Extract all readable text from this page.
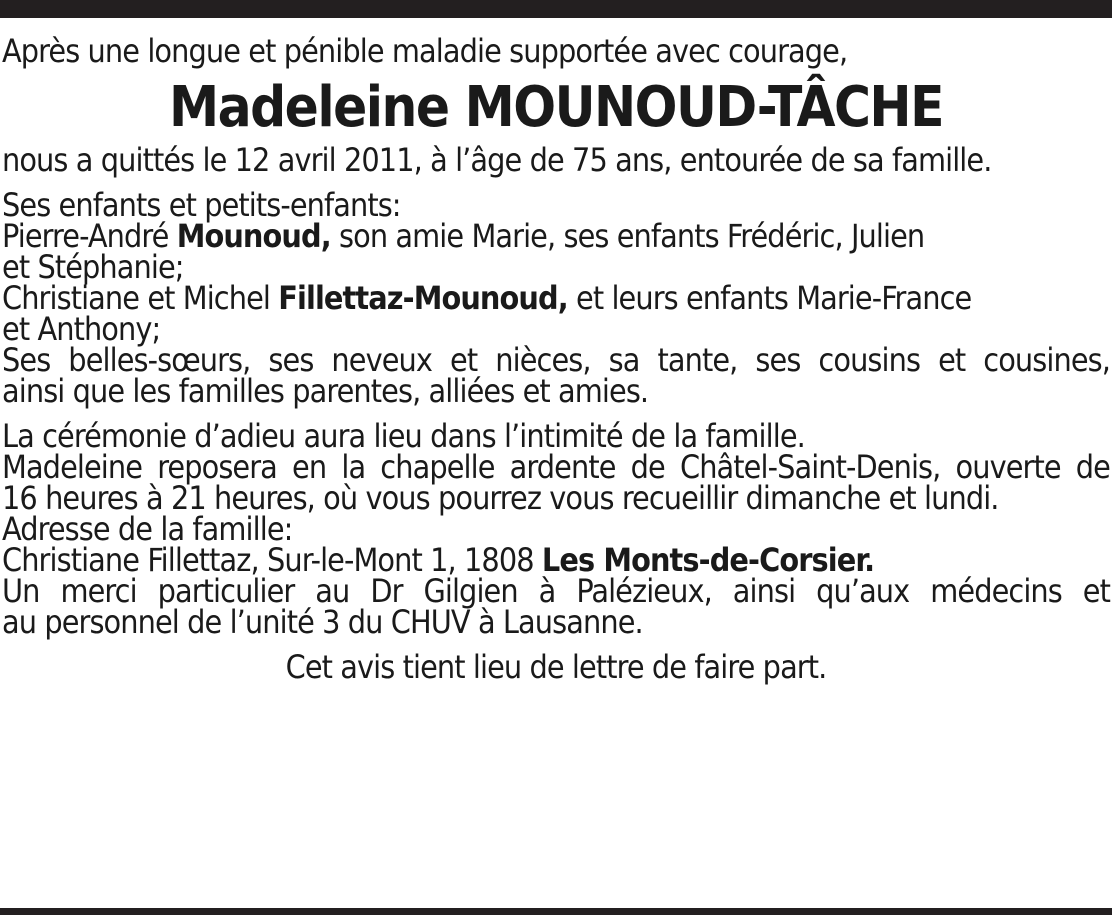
Après une longue et pénible maladie supportée avec courage,
Madeleine MOUNOUD-TÂCHE
nous a quittés le 12 avril 2011, à l’âge de 75 ans, entourée de sa famille.
Ses enfants et petits-enfants:
Pierre-André Mounoud, son amie Marie, ses enfants Frédéric, Julien
et Stéphanie;
Christiane et Michel Fillettaz-Mounoud, et leurs enfants Marie-France
et Anthony;
Ses belles-sœurs, ses neveux et nièces, sa tante, ses cousins et cousines,
ainsi que les familles parentes, alliées et amies.
La cérémonie d’adieu aura lieu dans l’intimité de la famille.
Madeleine reposera en la chapelle ardente de Châtel-Saint-Denis, ouverte de
16 heures à 21 heures, où vous pourrez vous recueillir dimanche et lundi.
Adresse de la famille:
Christiane Fillettaz, Sur-le-Mont 1, 1808 Les Monts-de-Corsier.
Un merci particulier au Dr Gilgien à Palézieux, ainsi qu’aux médecins et
au personnel de l’unité 3 du CHUV à Lausanne.
Cet avis tient lieu de lettre de faire part.
